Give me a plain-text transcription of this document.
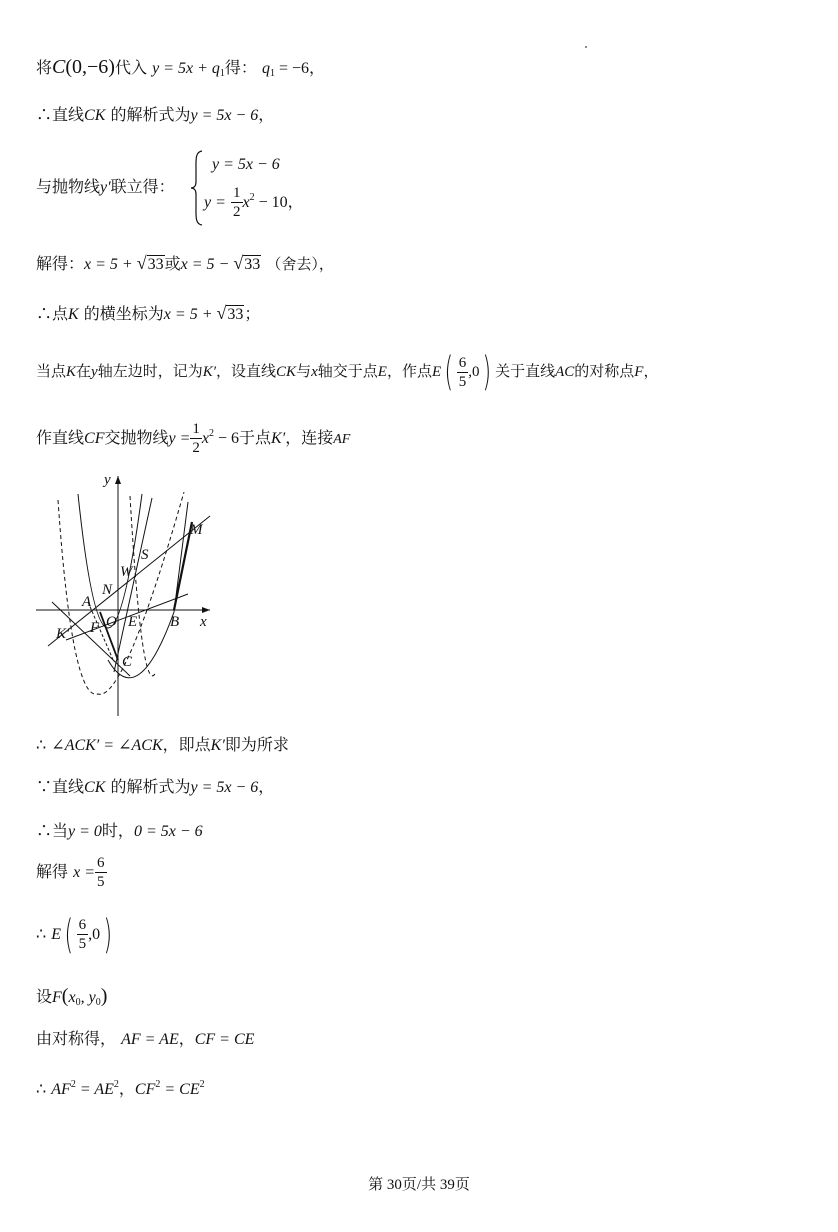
将C(0,−6)代入 $y = 5x + q_1$得： $q_1 = -6$，
∴直线CK 的解析式为y = 5x − 6，
与抛物线y′联立得：
y = 5x − 6
$y = \frac{1}{2} x^2 - 10$，
解得：x = 5 + √33或x = 5 − √33 （舍去），
∴点K 的横坐标为x = 5 + √33；
当点K在y轴左边时，记为K′，设直线CK与x轴交于点E，作点$E( \frac{6}{5} ,0)$ 关于直线AC的对称点F，
作直线CF交抛物线$y = \frac{1}{2} x^2 - 6$于点K′，连接AF
y
x
M
S
W
N
A
O E B
K′ F
C
∴ ∠ACK′ = ∠ACK，即点K′即为所求
∵直线CK 的解析式为y = 5x − 6，
∴当y = 0时，0 = 5x − 6
解得 $x = \frac{6}{5}$
∴ $E( \frac{6}{5} ,0)$
设$F(x_0$, $y_0$)
由对称得， AF = AE，CF = CE
∴ $AF^2 = AE^2$，$CF^2 = CE^2$
第 30页/共 39页
